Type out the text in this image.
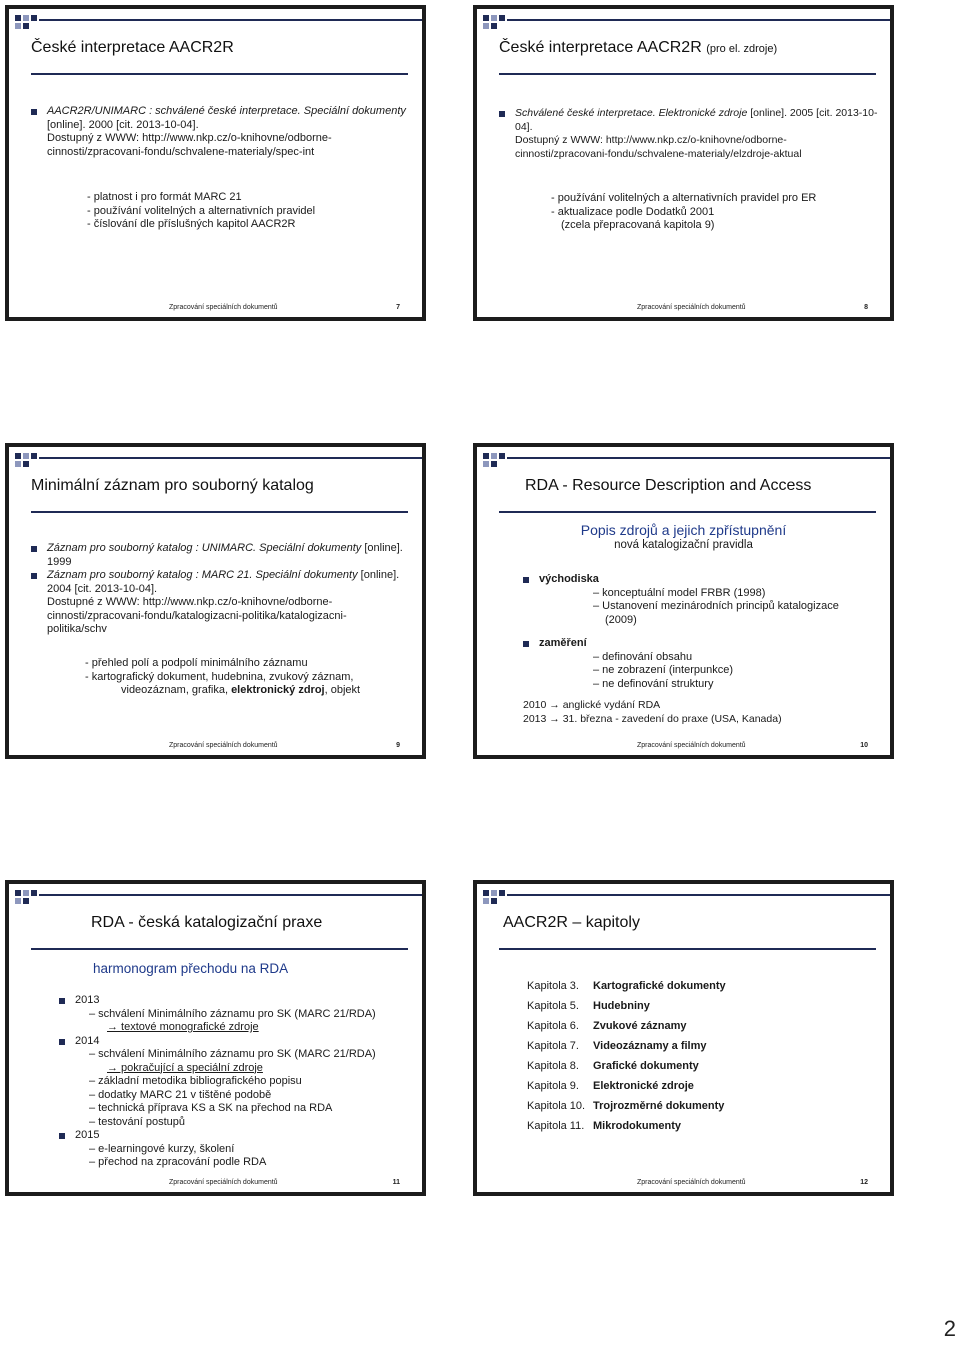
České interpretace AACR2R
AACR2R/UNIMARC : schválené české interpretace. Speciální dokumenty [online]. 2000 [cit. 2013-10-04].
Dostupný z WWW: http://www.nkp.cz/o-knihovne/odborne-
cinnosti/zpracovani-fondu/schvalene-materialy/spec-int
- platnost i pro formát MARC 21
- používání volitelných a alternativních pravidel
- číslování dle příslušných kapitol AACR2R
Zpracování speciálních dokumentů	7
České interpretace AACR2R (pro el. zdroje)
Schválené české interpretace. Elektronické zdroje [online]. 2005 [cit. 2013-10-04].
Dostupný z WWW: http://www.nkp.cz/o-knihovne/odborne-
cinnosti/zpracovani-fondu/schvalene-materialy/elzdroje-aktual
- používání volitelných a alternativních pravidel pro ER
- aktualizace podle Dodatků 2001
(zcela přepracovaná kapitola 9)
Zpracování speciálních dokumentů	8
Minimální záznam pro souborný katalog
Záznam pro souborný katalog : UNIMARC. Speciální dokumenty [online]. 1999
Záznam pro souborný katalog : MARC 21. Speciální dokumenty [online]. 2004 [cit. 2013-10-04].
Dostupné z WWW: http://www.nkp.cz/o-knihovne/odborne-
cinnosti/zpracovani-fondu/katalogizacni-politika/katalogizacni-
politika/schv
- přehled polí a podpolí minimálního záznamu
- kartografický dokument, hudebnina, zvukový záznam,
videozáznam, grafika, elektronický zdroj, objekt
Zpracování speciálních dokumentů	9
RDA - Resource Description and Access
Popis zdrojů a jejich zpřístupnění
nová katalogizační pravidla
východiska
– konceptuální model FRBR (1998)
– Ustanovení mezinárodních principů katalogizace
(2009)
zaměření
– definování obsahu
– ne zobrazení (interpunkce)
– ne definování struktury
2010 → anglické vydání RDA
2013 → 31. března - zavedení do praxe (USA, Kanada)
Zpracování speciálních dokumentů	10
RDA - česká katalogizační praxe
harmonogram přechodu na RDA
2013
– schválení Minimálního záznamu pro SK (MARC 21/RDA)
→ textové monografické zdroje
2014
– schválení Minimálního záznamu pro SK (MARC 21/RDA)
→ pokračující a speciální zdroje
– základní metodika bibliografického popisu
– dodatky MARC 21 v tištěné podobě
– technická příprava KS a SK na přechod na RDA
– testování postupů
2015
– e-learningové kurzy, školení
– přechod na zpracování podle RDA
Zpracování speciálních dokumentů	11
AACR2R – kapitoly
Kapitola 3.	Kartografické dokumenty
Kapitola 5.	Hudebniny
Kapitola 6.	Zvukové záznamy
Kapitola 7.	Videozáznamy a filmy
Kapitola 8.	Grafické dokumenty
Kapitola 9.	Elektronické zdroje
Kapitola 10. Trojrozměrné dokumenty
Kapitola 11. Mikrodokumenty
Zpracování speciálních dokumentů	12
2
